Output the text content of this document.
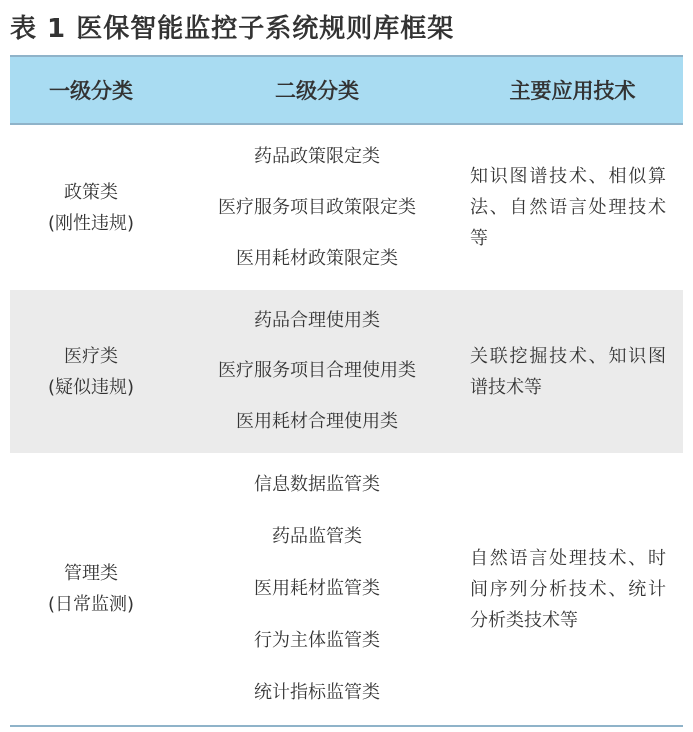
表 1 医保智能监控子系统规则库框架
一级分类	二级分类	主要应用技术
政策类
(刚性违规)
药品政策限定类
医疗服务项目政策限定类
医用耗材政策限定类
知识图谱技术、相似算法、自然语言处理技术等
医疗类
(疑似违规)
药品合理使用类
医疗服务项目合理使用类
医用耗材合理使用类
关联挖掘技术、知识图谱技术等
管理类
(日常监测)
信息数据监管类
药品监管类
医用耗材监管类
行为主体监管类
统计指标监管类
自然语言处理技术、时间序列分析技术、统计分析类技术等
